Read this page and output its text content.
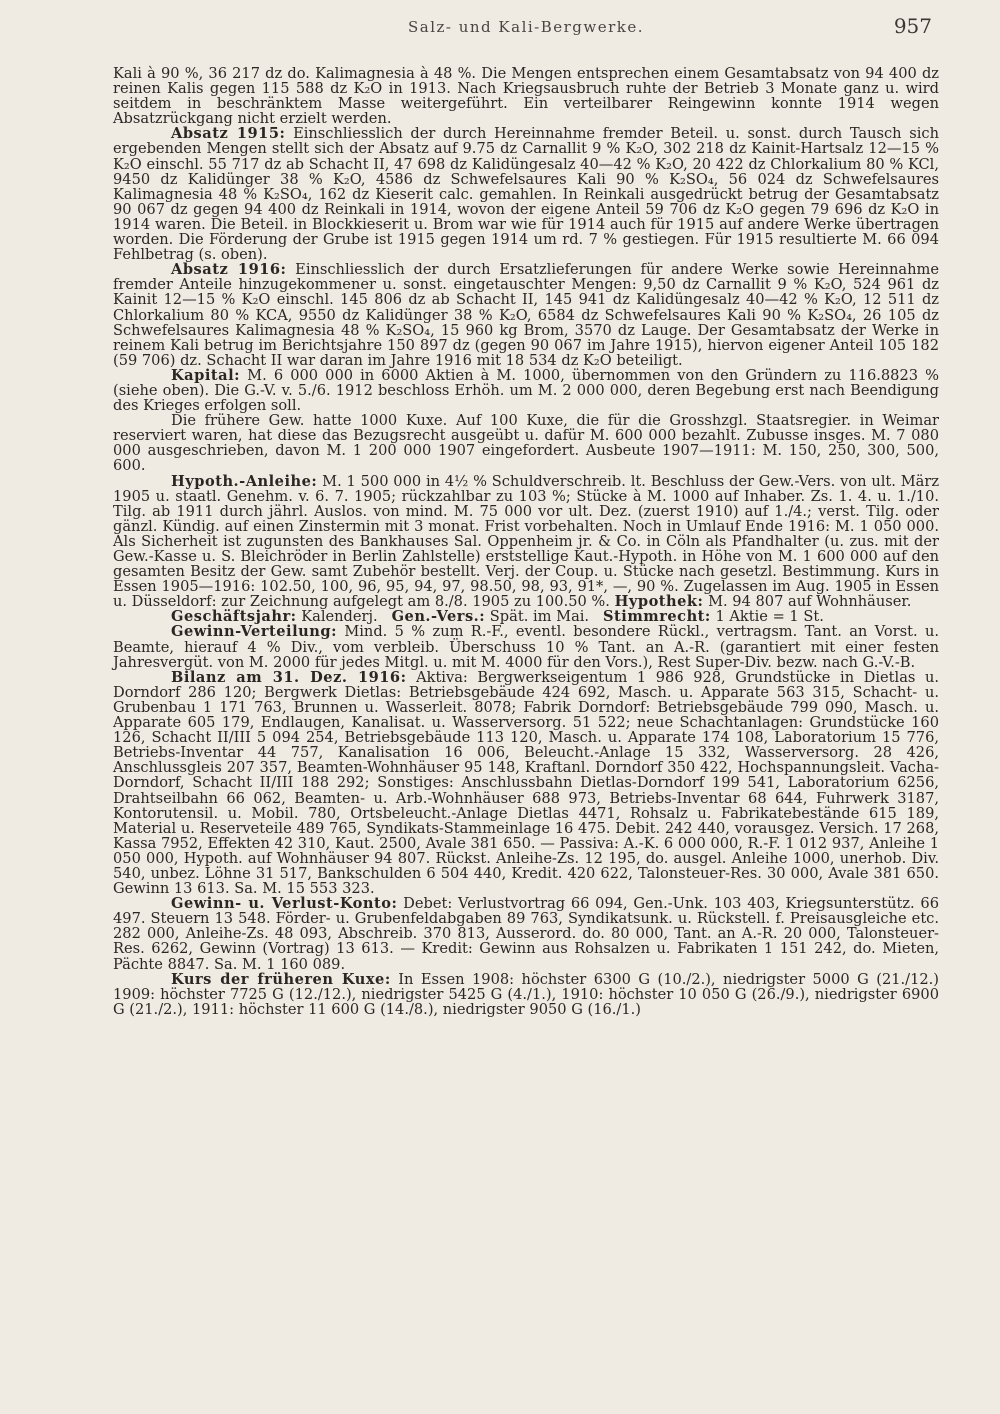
Salz- und Kali-Bergwerke.	957

Kali à 90 %, 36 217 dz do. Kalimagnesia à 48 %. Die Mengen entsprechen einem Gesamtabsatz von 94 400 dz reinen Kalis gegen 115 588 dz K₂O in 1913. Nach Kriegsausbruch ruhte der Betrieb 3 Monate ganz u. wird seitdem in beschränktem Masse weitergeführt. Ein verteilbarer Reingewinn konnte 1914 wegen Absatzrückgang nicht erzielt werden.

Absatz 1915: Einschliesslich der durch Hereinnahme fremder Beteil. u. sonst. durch Tausch sich ergebenden Mengen stellt sich der Absatz auf 9.75 dz Carnallit 9 % K₂O, 302 218 dz Kainit-Hartsalz 12—15 % K₂O einschl. 55 717 dz ab Schacht II, 47 698 dz Kalidüngesalz 40—42 % K₂O, 20 422 dz Chlorkalium 80 % KCl, 9450 dz Kalidünger 38 % K₂O, 4586 dz Schwefelsaures Kali 90 % K₂SO₄, 56 024 dz Schwefelsaures Kalimagnesia 48 % K₂SO₄, 162 dz Kieserit calc. gemahlen. In Reinkali ausgedrückt betrug der Gesamtabsatz 90 067 dz gegen 94 400 dz Reinkali in 1914, wovon der eigene Anteil 59 706 dz K₂O gegen 79 696 dz K₂O in 1914 waren. Die Beteil. in Blockkieserit u. Brom war wie für 1914 auch für 1915 auf andere Werke übertragen worden. Die Förderung der Grube ist 1915 gegen 1914 um rd. 7 % gestiegen. Für 1915 resultierte M. 66 094 Fehlbetrag (s. oben).

Absatz 1916: Einschliesslich der durch Ersatzlieferungen für andere Werke sowie Hereinnahme fremder Anteile hinzugekommener u. sonst. eingetauschter Mengen: 9,50 dz Carnallit 9 % K₂O, 524 961 dz Kainit 12—15 % K₂O einschl. 145 806 dz ab Schacht II, 145 941 dz Kalidüngesalz 40—42 % K₂O, 12 511 dz Chlorkalium 80 % KCA, 9550 dz Kalidünger 38 % K₂O, 6584 dz Schwefelsaures Kali 90 % K₂SO₄, 26 105 dz Schwefelsaures Kalimagnesia 48 % K₂SO₄, 15 960 kg Brom, 3570 dz Lauge. Der Gesamtabsatz der Werke in reinem Kali betrug im Berichtsjahre 150 897 dz (gegen 90 067 im Jahre 1915), hiervon eigener Anteil 105 182 (59 706) dz. Schacht II war daran im Jahre 1916 mit 18 534 dz K₂O beteiligt.

Kapital: M. 6 000 000 in 6000 Aktien à M. 1000, übernommen von den Gründern zu 116.8823 % (siehe oben). Die G.-V. v. 5./6. 1912 beschloss Erhöh. um M. 2 000 000, deren Begebung erst nach Beendigung des Krieges erfolgen soll.

Die frühere Gew. hatte 1000 Kuxe. Auf 100 Kuxe, die für die Grosshzgl. Staatsregier. in Weimar reserviert waren, hat diese das Bezugsrecht ausgeübt u. dafür M. 600 000 bezahlt. Zubusse insges. M. 7 080 000 ausgeschrieben, davon M. 1 200 000 1907 eingefordert. Ausbeute 1907—1911: M. 150, 250, 300, 500, 600.

Hypoth.-Anleihe: M. 1 500 000 in 4½ % Schuldverschreib. lt. Beschluss der Gew.-Vers. von ult. März 1905 u. staatl. Genehm. v. 6. 7. 1905; rückzahlbar zu 103 %; Stücke à M. 1000 auf Inhaber. Zs. 1. 4. u. 1./10. Tilg. ab 1911 durch jährl. Auslos. von mind. M. 75 000 vor ult. Dez. (zuerst 1910) auf 1./4.; verst. Tilg. oder gänzl. Kündig. auf einen Zinstermin mit 3 monat. Frist vorbehalten. Noch in Umlauf Ende 1916: M. 1 050 000. Als Sicherheit ist zugunsten des Bankhauses Sal. Oppenheim jr. & Co. in Cöln als Pfandhalter (u. zus. mit der Gew.-Kasse u. S. Bleichröder in Berlin Zahlstelle) erststellige Kaut.-Hypoth. in Höhe von M. 1 600 000 auf den gesamten Besitz der Gew. samt Zubehör bestellt. Verj. der Coup. u. Stücke nach gesetzl. Bestimmung. Kurs in Essen 1905—1916: 102.50, 100, 96, 95, 94, 97, 98.50, 98, 93, 91*, —, 90 %. Zugelassen im Aug. 1905 in Essen u. Düsseldorf: zur Zeichnung aufgelegt am 8./8. 1905 zu 100.50 %. Hypothek: M. 94 807 auf Wohnhäuser.

Geschäftsjahr: Kalenderj. Gen.-Vers.: Spät. im Mai. Stimmrecht: 1 Aktie = 1 St.

Gewinn-Verteilung: Mind. 5 % zum R.-F., eventl. besondere Rückl., vertragsm. Tant. an Vorst. u. Beamte, hierauf 4 % Div., vom verbleib. Überschuss 10 % Tant. an A.-R. (garantiert mit einer festen Jahresvergüt. von M. 2000 für jedes Mitgl. u. mit M. 4000 für den Vors.), Rest Super-Div. bezw. nach G.-V.-B.

Bilanz am 31. Dez. 1916: Aktiva: Bergwerkseigentum 1 986 928, Grundstücke in Dietlas u. Dorndorf 286 120; Bergwerk Dietlas: Betriebsgebäude 424 692, Masch. u. Apparate 563 315, Schacht- u. Grubenbau 1 171 763, Brunnen u. Wasserleit. 8078; Fabrik Dorndorf: Betriebsgebäude 799 090, Masch. u. Apparate 605 179, Endlaugen, Kanalisat. u. Wasserversorg. 51 522; neue Schachtanlagen: Grundstücke 160 126, Schacht II/III 5 094 254, Betriebsgebäude 113 120, Masch. u. Apparate 174 108, Laboratorium 15 776, Betriebs-Inventar 44 757, Kanalisation 16 006, Beleucht.-Anlage 15 332, Wasserversorg. 28 426, Anschlussgleis 207 357, Beamten-Wohnhäuser 95 148, Kraftanl. Dorndorf 350 422, Hochspannungsleit. Vacha-Dorndorf, Schacht II/III 188 292; Sonstiges: Anschlussbahn Dietlas-Dorndorf 199 541, Laboratorium 6256, Drahtseilbahn 66 062, Beamten- u. Arb.-Wohnhäuser 688 973, Betriebs-Inventar 68 644, Fuhrwerk 3187, Kontorutensil. u. Mobil. 780, Ortsbeleucht.-Anlage Dietlas 4471, Rohsalz u. Fabrikatebestände 615 189, Material u. Reserveteile 489 765, Syndikats-Stammeinlage 16 475. Debit. 242 440, vorausgez. Versich. 17 268, Kassa 7952, Effekten 42 310, Kaut. 2500, Avale 381 650. — Passiva: A.-K. 6 000 000, R.-F. 1 012 937, Anleihe 1 050 000, Hypoth. auf Wohnhäuser 94 807. Rückst. Anleihe-Zs. 12 195, do. ausgel. Anleihe 1000, unerhob. Div. 540, unbez. Löhne 31 517, Bankschulden 6 504 440, Kredit. 420 622, Talonsteuer-Res. 30 000, Avale 381 650. Gewinn 13 613. Sa. M. 15 553 323.

Gewinn- u. Verlust-Konto: Debet: Verlustvortrag 66 094, Gen.-Unk. 103 403, Kriegsunterstütz. 66 497. Steuern 13 548. Förder- u. Grubenfeldabgaben 89 763, Syndikatsunk. u. Rückstell. f. Preisausgleiche etc. 282 000, Anleihe-Zs. 48 093, Abschreib. 370 813, Ausserord. do. 80 000, Tant. an A.-R. 20 000, Talonsteuer-Res. 6262, Gewinn (Vortrag) 13 613. — Kredit: Gewinn aus Rohsalzen u. Fabrikaten 1 151 242, do. Mieten, Pächte 8847. Sa. M. 1 160 089.

Kurs der früheren Kuxe: In Essen 1908: höchster 6300 G (10./2.), niedrigster 5000 G (21./12.) 1909: höchster 7725 G (12./12.), niedrigster 5425 G (4./1.), 1910: höchster 10 050 G (26./9.), niedrigster 6900 G (21./2.), 1911: höchster 11 600 G (14./8.), niedrigster 9050 G (16./1.)
